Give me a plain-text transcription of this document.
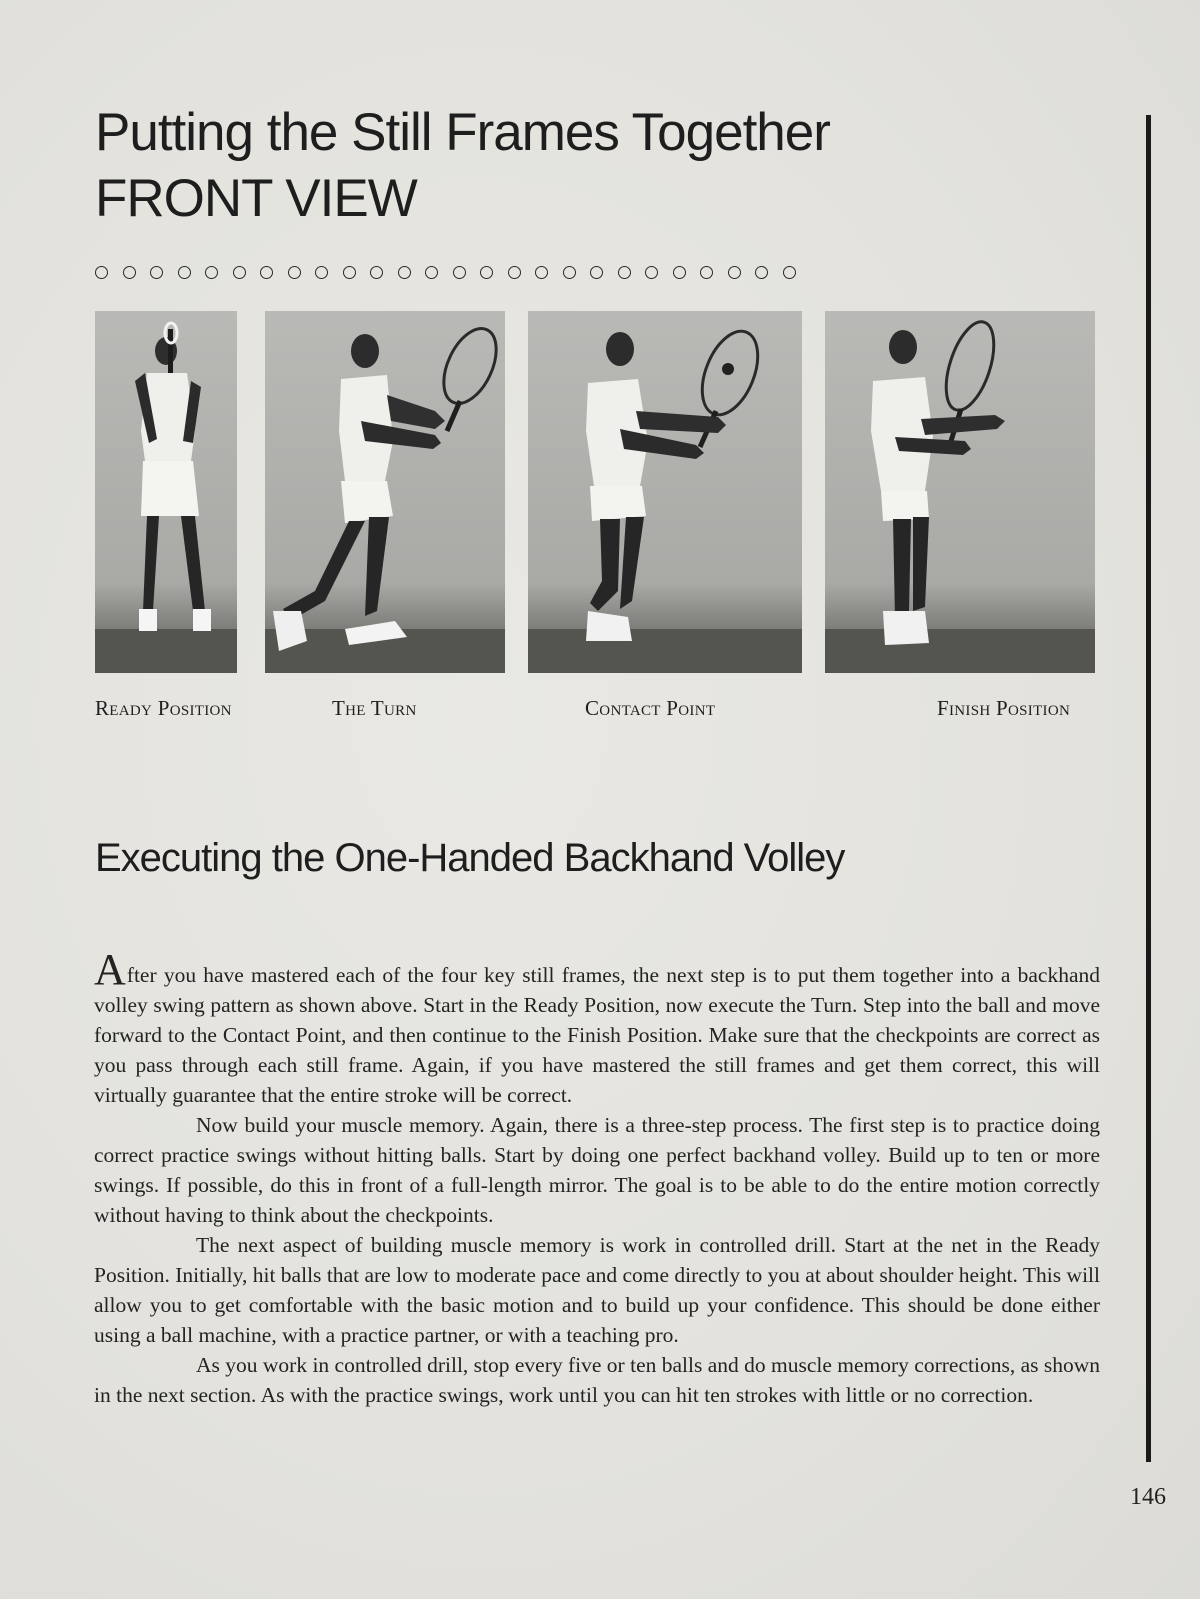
Putting the Still Frames Together
FRONT VIEW

Ready Position	The Turn	Contact Point	Finish Position

Executing the One-Handed Backhand Volley

After you have mastered each of the four key still frames, the next step is to put them together into a backhand volley swing pattern as shown above. Start in the Ready Position, now execute the Turn. Step into the ball and move forward to the Contact Point, and then continue to the Finish Position. Make sure that the checkpoints are correct as you pass through each still frame. Again, if you have mastered the still frames and get them correct, this will virtually guarantee that the entire stroke will be correct.

Now build your muscle memory. Again, there is a three-step process. The first step is to practice doing correct practice swings without hitting balls. Start by doing one perfect backhand volley. Build up to ten or more swings. If possible, do this in front of a full-length mirror. The goal is to be able to do the entire motion correctly without having to think about the checkpoints.

The next aspect of building muscle memory is work in controlled drill. Start at the net in the Ready Position. Initially, hit balls that are low to moderate pace and come directly to you at about shoulder height. This will allow you to get comfortable with the basic motion and to build up your confidence. This should be done either using a ball machine, with a practice partner, or with a teaching pro.

As you work in controlled drill, stop every five or ten balls and do muscle memory corrections, as shown in the next section. As with the practice swings, work until you can hit ten strokes with little or no correction.

146
